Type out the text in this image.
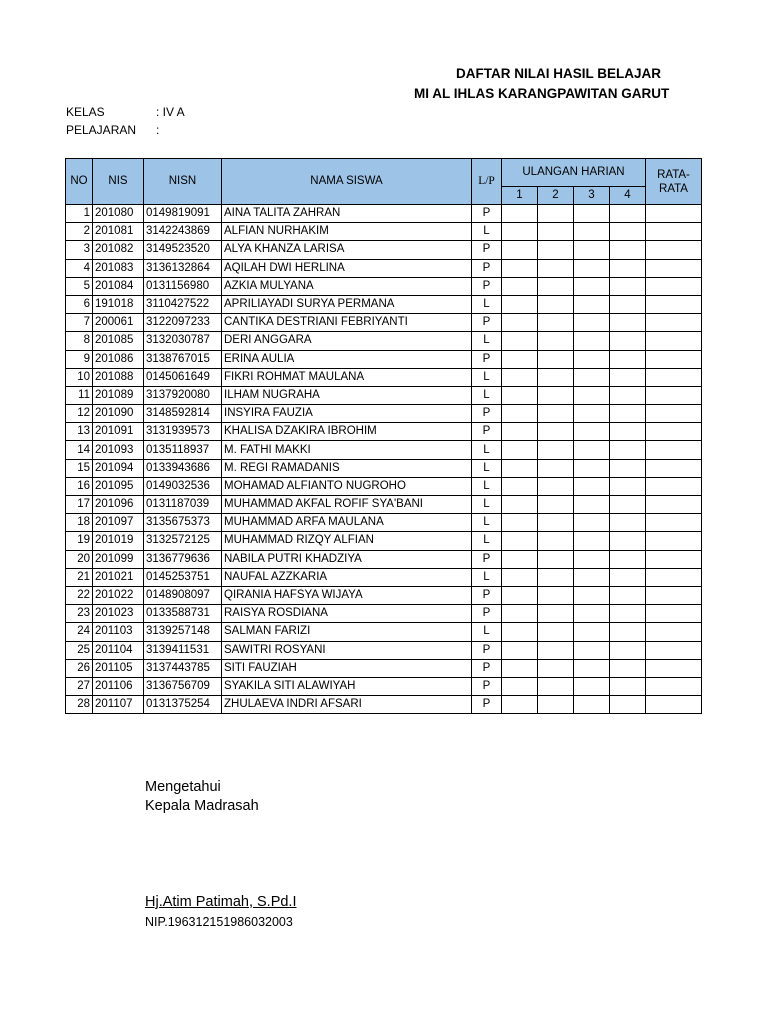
DAFTAR NILAI HASIL BELAJAR
MI AL IHLAS KARANGPAWITAN GARUT
KELAS	: IV A
PELAJARAN :
NO	NIS	NISN	NAMA SISWA	L/P	ULANGAN HARIAN				RATA-RATA
					1	2	3	4	
1	201080	0149819091	AINA TALITA ZAHRAN	P					
2	201081	3142243869	ALFIAN NURHAKIM	L					
3	201082	3149523520	ALYA KHANZA LARISA	P					
4	201083	3136132864	AQILAH DWI HERLINA	P					
5	201084	0131156980	AZKIA MULYANA	P					
6	191018	3110427522	APRILIAYADI SURYA PERMANA	L					
7	200061	3122097233	CANTIKA DESTRIANI FEBRIYANTI	P					
8	201085	3132030787	DERI ANGGARA	L					
9	201086	3138767015	ERINA AULIA	P					
10	201088	0145061649	FIKRI ROHMAT MAULANA	L					
11	201089	3137920080	ILHAM NUGRAHA	L					
12	201090	3148592814	INSYIRA FAUZIA	P					
13	201091	3131939573	KHALISA DZAKIRA IBROHIM	P					
14	201093	0135118937	M. FATHI MAKKI	L					
15	201094	0133943686	M. REGI RAMADANIS	L					
16	201095	0149032536	MOHAMAD ALFIANTO NUGROHO	L					
17	201096	0131187039	MUHAMMAD AKFAL ROFIF SYA'BANI	L					
18	201097	3135675373	MUHAMMAD ARFA MAULANA	L					
19	201019	3132572125	MUHAMMAD RIZQY ALFIAN	L					
20	201099	3136779636	NABILA PUTRI KHADZIYA	P					
21	201021	0145253751	NAUFAL AZZKARIA	L					
22	201022	0148908097	QIRANIA HAFSYA WIJAYA	P					
23	201023	0133588731	RAISYA ROSDIANA	P					
24	201103	3139257148	SALMAN FARIZI	L					
25	201104	3139411531	SAWITRI ROSYANI	P					
26	201105	3137443785	SITI FAUZIAH	P					
27	201106	3136756709	SYAKILA SITI ALAWIYAH	P					
28	201107	0131375254	ZHULAEVA INDRI AFSARI	P					
Mengetahui
Kepala Madrasah
Hj.Atim Patimah, S.Pd.I
NIP.196312151986032003
